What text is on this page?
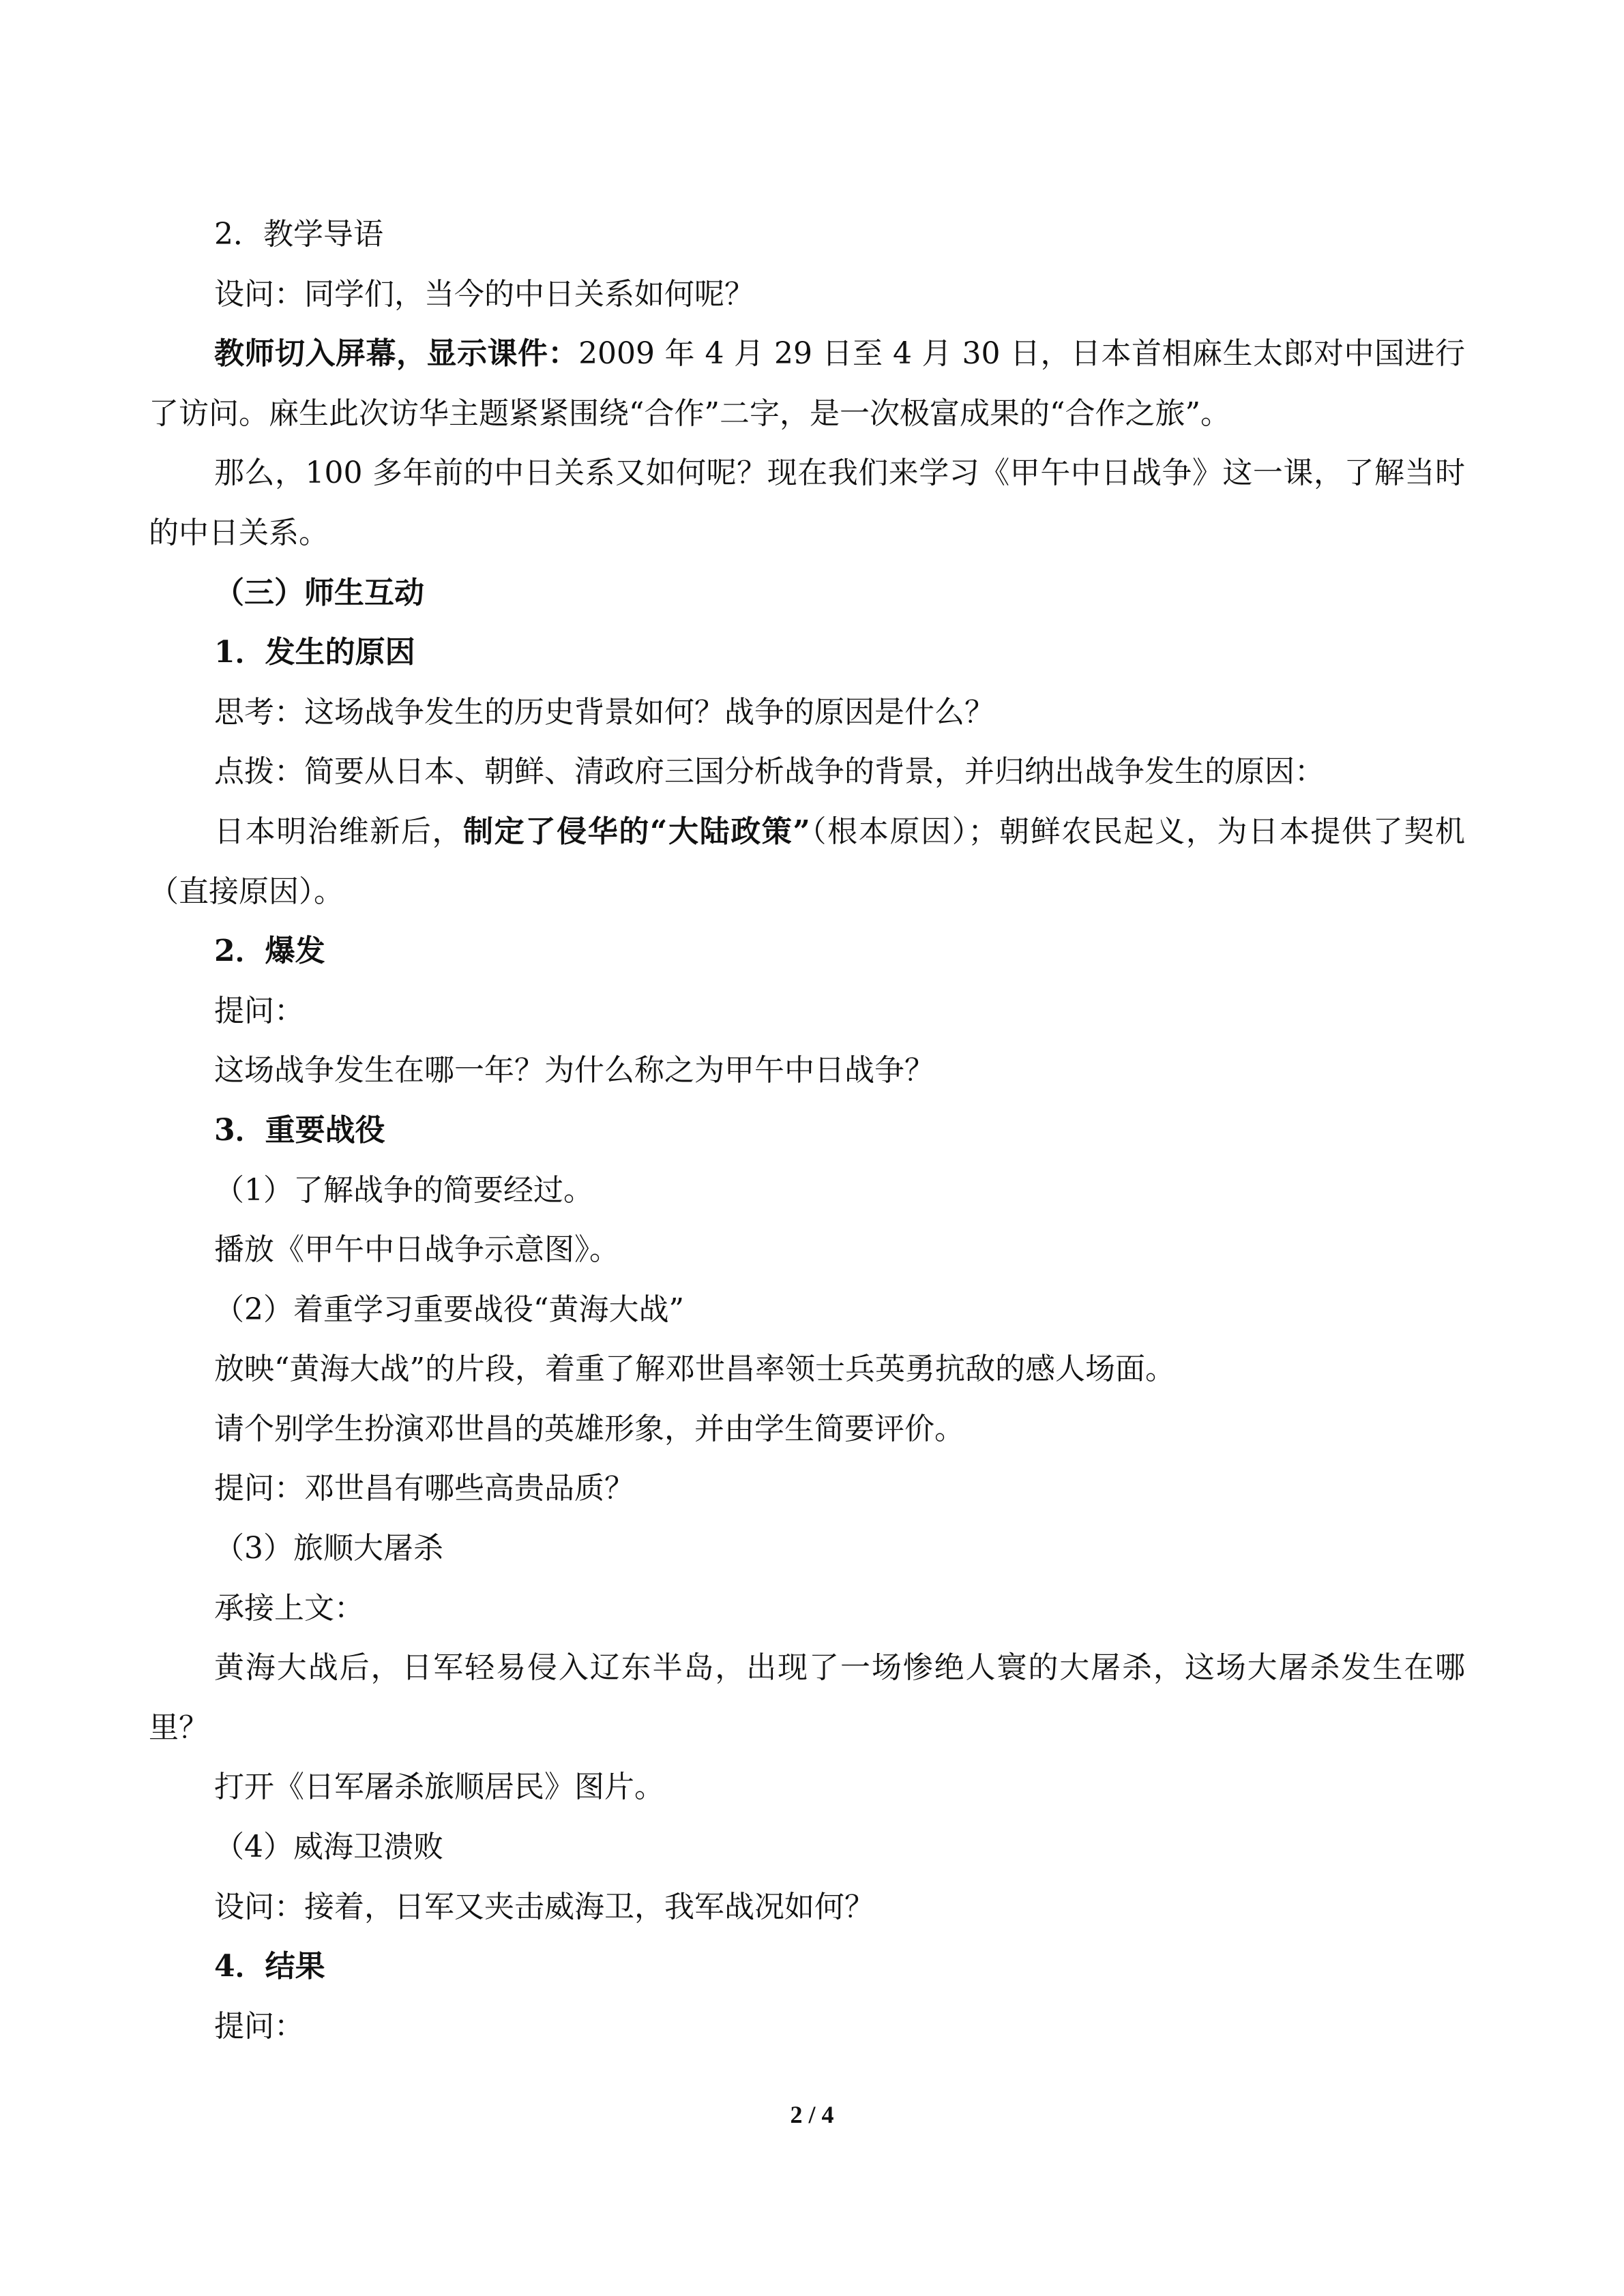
2．教学导语

设问：同学们，当今的中日关系如何呢？

教师切入屏幕，显示课件：2009 年 4 月 29 日至 4 月 30 日，日本首相麻生太郎对中国进行了访问。麻生此次访华主题紧紧围绕“合作”二字，是一次极富成果的“合作之旅”。

那么，100 多年前的中日关系又如何呢？现在我们来学习《甲午中日战争》这一课，了解当时的中日关系。

（三）师生互动

1．发生的原因

思考：这场战争发生的历史背景如何？战争的原因是什么？

点拨：简要从日本、朝鲜、清政府三国分析战争的背景，并归纳出战争发生的原因：

日本明治维新后，制定了侵华的“大陆政策”（根本原因）；朝鲜农民起义，为日本提供了契机（直接原因）。

2．爆发

提问：

这场战争发生在哪一年？为什么称之为甲午中日战争？

3．重要战役

（1）了解战争的简要经过。

播放《甲午中日战争示意图》。

（2）着重学习重要战役“黄海大战”

放映“黄海大战”的片段，着重了解邓世昌率领士兵英勇抗敌的感人场面。

请个别学生扮演邓世昌的英雄形象，并由学生简要评价。

提问：邓世昌有哪些高贵品质？

（3）旅顺大屠杀

承接上文：

黄海大战后，日军轻易侵入辽东半岛，出现了一场惨绝人寰的大屠杀，这场大屠杀发生在哪里？

打开《日军屠杀旅顺居民》图片。

（4）威海卫溃败

设问：接着，日军又夹击威海卫，我军战况如何？

4．结果

提问：

2 / 4
